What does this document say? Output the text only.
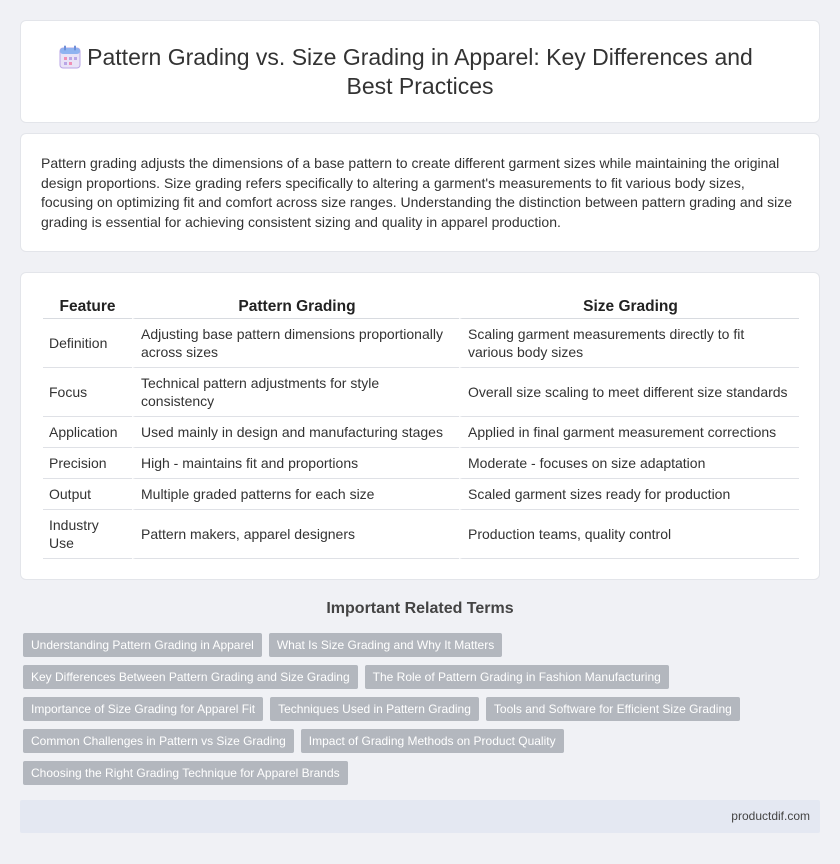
Pattern Grading vs. Size Grading in Apparel: Key Differences and Best Practices

Pattern grading adjusts the dimensions of a base pattern to create different garment sizes while maintaining the original design proportions. Size grading refers specifically to altering a garment's measurements to fit various body sizes, focusing on optimizing fit and comfort across size ranges. Understanding the distinction between pattern grading and size grading is essential for achieving consistent sizing and quality in apparel production.

Feature	Pattern Grading	Size Grading
Definition	Adjusting base pattern dimensions proportionally across sizes	Scaling garment measurements directly to fit various body sizes
Focus	Technical pattern adjustments for style consistency	Overall size scaling to meet different size standards
Application	Used mainly in design and manufacturing stages	Applied in final garment measurement corrections
Precision	High - maintains fit and proportions	Moderate - focuses on size adaptation
Output	Multiple graded patterns for each size	Scaled garment sizes ready for production
Industry Use	Pattern makers, apparel designers	Production teams, quality control
Important Related Terms
Understanding Pattern Grading in Apparel	What Is Size Grading and Why It Matters
Key Differences Between Pattern Grading and Size Grading	The Role of Pattern Grading in Fashion Manufacturing
Importance of Size Grading for Apparel Fit	Techniques Used in Pattern Grading	Tools and Software for Efficient Size Grading
Common Challenges in Pattern vs Size Grading	Impact of Grading Methods on Product Quality
Choosing the Right Grading Technique for Apparel Brands
productdif.com
